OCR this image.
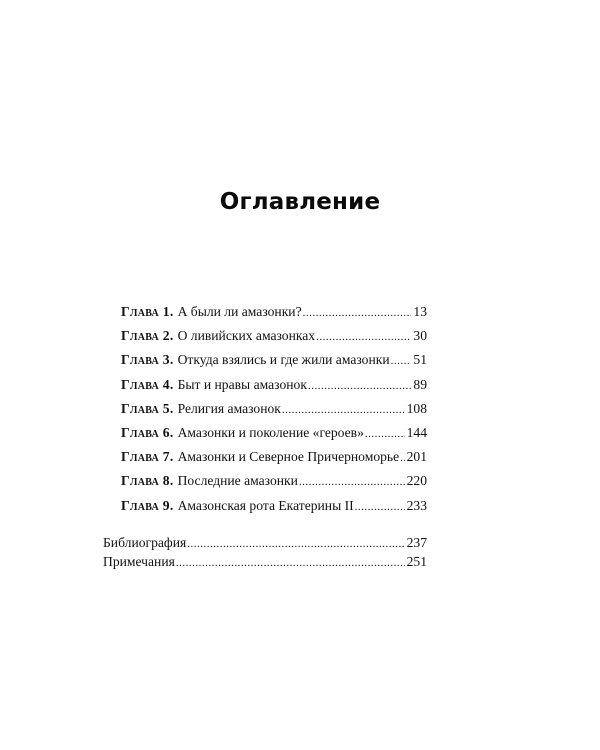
Оглавление
Глава 1. А были ли амазонки? .....	13
Глава 2. О ливийских амазонках .....	30
Глава 3. Откуда взялись и где жили амазонки ..... 51
Глава 4. Быт и нравы амазонок .....	89
Глава 5. Религия амазонок .....	108
Глава 6. Амазонки и поколение «героев» .....	144
Глава 7. Амазонки и Северное Причерноморье ..... 201
Глава 8. Последние амазонки .....	220
Глава 9. Амазонская рота Екатерины II .....	233
Библиография .....	237
Примечания .....	251
